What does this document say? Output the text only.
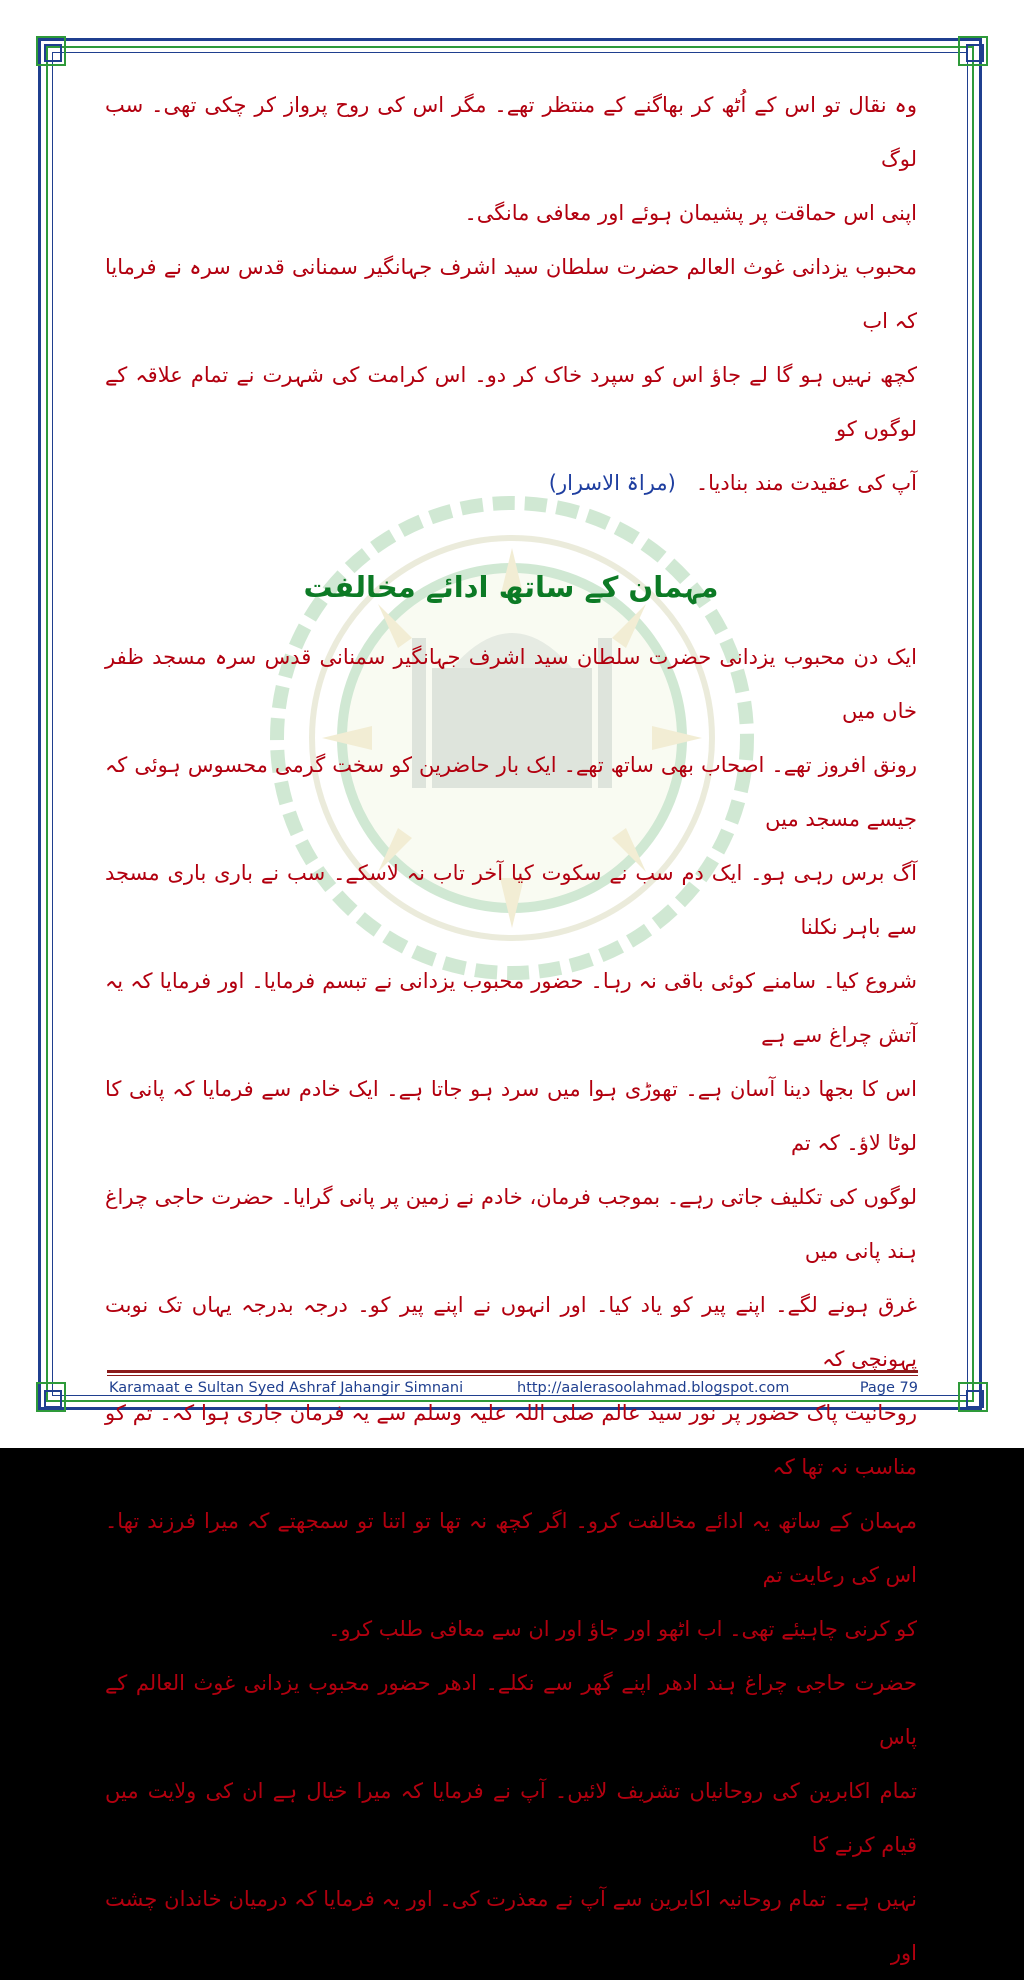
وہ نقال تو اس کے اُٹھ کر بھاگنے کے منتظر تھے۔ مگر اس کی روح پرواز کر چکی تھی۔ سب لوگ

اپنی اس حماقت پر پشیمان ہوئے اور معافی مانگی۔

محبوب یزدانی غوث العالم حضرت سلطان سید اشرف جہانگیر سمنانی قدس سرہ نے فرمایا کہ اب

کچھ نہیں ہو گا لے جاؤ اس کو سپرد خاک کر دو۔ اس کرامت کی شہرت نے تمام علاقہ کے لوگوں کو

آپ کی عقیدت مند بنادیا۔   (مراۃ الاسرار)

مہمان کے ساتھ ادائے مخالفت

ایک دن محبوب یزدانی حضرت سلطان سید اشرف جہانگیر سمنانی قدس سرہ مسجد ظفر خاں میں

رونق افروز تھے۔ اصحاب بھی ساتھ تھے۔ ایک بار حاضرین کو سخت گرمی محسوس ہوئی کہ جیسے مسجد میں

آگ برس رہی ہو۔ ایک دم سب نے سکوت کیا آخر تاب نہ لاسکے۔ سب نے باری باری مسجد سے باہر نکلنا

شروع کیا۔ سامنے کوئی باقی نہ رہا۔ حضور محبوب یزدانی نے تبسم فرمایا۔ اور فرمایا کہ یہ آتش چراغ سے ہے

اس کا بجھا دینا آسان ہے۔ تھوڑی ہوا میں سرد ہو جاتا ہے۔ ایک خادم سے فرمایا کہ پانی کا لوٹا لاؤ۔ کہ تم

لوگوں کی تکلیف جاتی رہے۔ بموجب فرمان، خادم نے زمین پر پانی گرایا۔ حضرت حاجی چراغ ہند پانی میں

غرق ہونے لگے۔ اپنے پیر کو یاد کیا۔ اور انہوں نے اپنے پیر کو۔ درجہ بدرجہ یہاں تک نوبت پہونچی کہ

روحانیت پاک حضور پر نور سید عالم صلی اللہ علیہ وسلم سے یہ فرمان جاری ہوا کہ۔ تم کو مناسب نہ تھا کہ

مہمان کے ساتھ یہ ادائے مخالفت کرو۔ اگر کچھ نہ تھا تو اتنا تو سمجھتے کہ میرا فرزند تھا۔ اس کی رعایت تم

کو کرنی چاہیئے تھی۔ اب اٹھو اور جاؤ اور ان سے معافی طلب کرو۔

حضرت حاجی چراغ ہند ادھر اپنے گھر سے نکلے۔ ادھر حضور محبوب یزدانی غوث العالم کے پاس

تمام اکابرین کی روحانیاں تشریف لائیں۔ آپ نے فرمایا کہ میرا خیال ہے ان کی ولایت میں قیام کرنے کا

نہیں ہے۔ تمام روحانیہ اکابرین سے آپ نے معذرت کی۔ اور یہ فرمایا کہ درمیان خاندان چشت اور

Karamaat e Sultan Syed Ashraf Jahangir Simnani	http://aalerasoolahmad.blogspot.com	Page 79
